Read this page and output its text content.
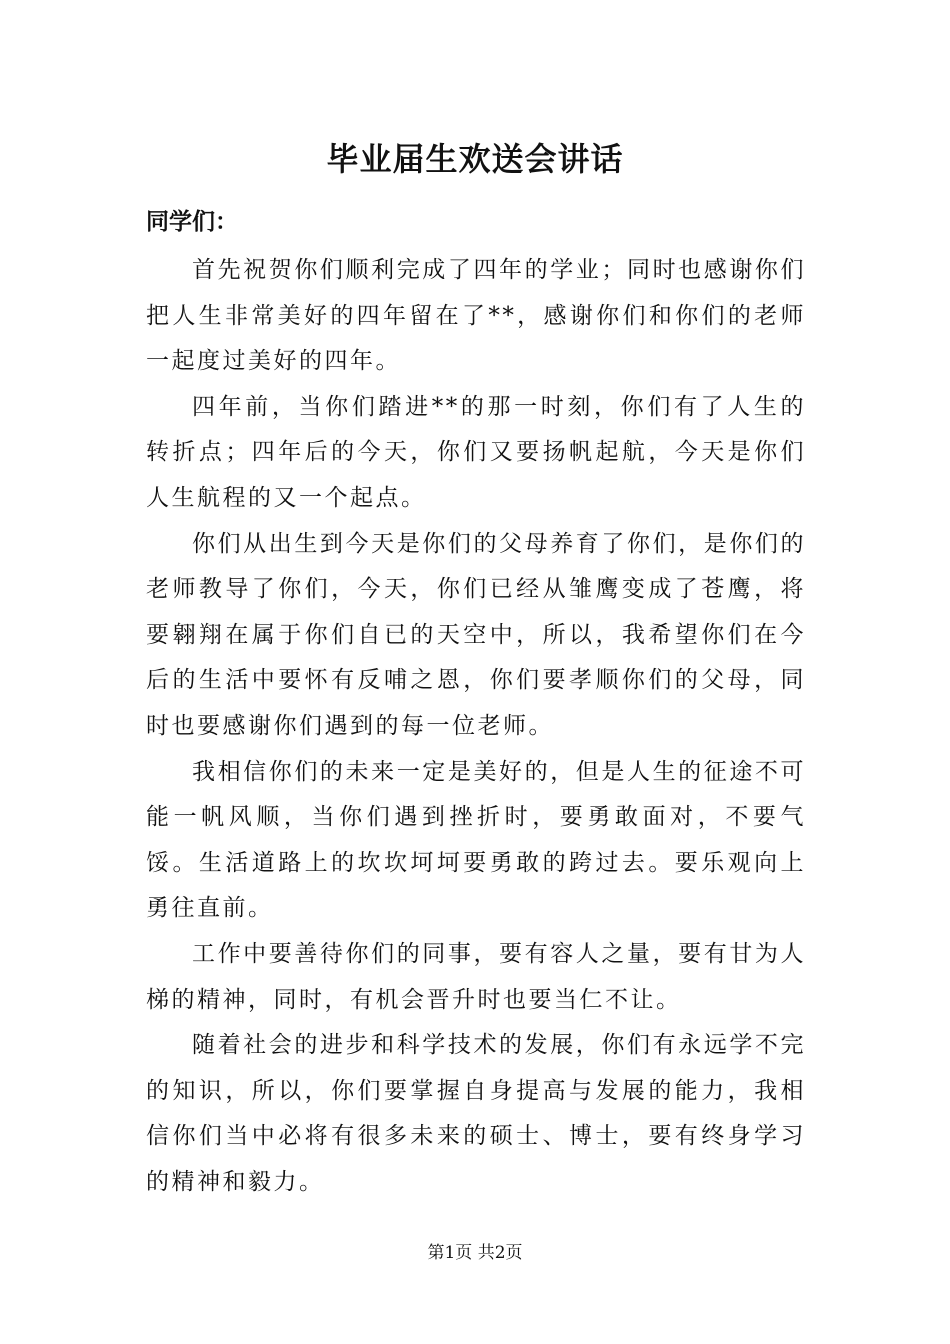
毕业届生欢送会讲话
同学们：

首先祝贺你们顺利完成了四年的学业；同时也感谢你们把人生非常美好的四年留在了**，感谢你们和你们的老师一起度过美好的四年。

四年前，当你们踏进**的那一时刻，你们有了人生的转折点；四年后的今天，你们又要扬帆起航，今天是你们人生航程的又一个起点。

你们从出生到今天是你们的父母养育了你们，是你们的老师教导了你们，今天，你们已经从雏鹰变成了苍鹰，将要翱翔在属于你们自已的天空中，所以，我希望你们在今后的生活中要怀有反哺之恩，你们要孝顺你们的父母，同时也要感谢你们遇到的每一位老师。

我相信你们的未来一定是美好的，但是人生的征途不可能一帆风顺，当你们遇到挫折时，要勇敢面对，不要气馁。生活道路上的坎坎坷坷要勇敢的跨过去。要乐观向上勇往直前。

工作中要善待你们的同事，要有容人之量，要有甘为人梯的精神，同时，有机会晋升时也要当仁不让。

随着社会的进步和科学技术的发展，你们有永远学不完的知识，所以，你们要掌握自身提高与发展的能力，我相信你们当中必将有很多未来的硕士、博士，要有终身学习的精神和毅力。

第1页 共2页
